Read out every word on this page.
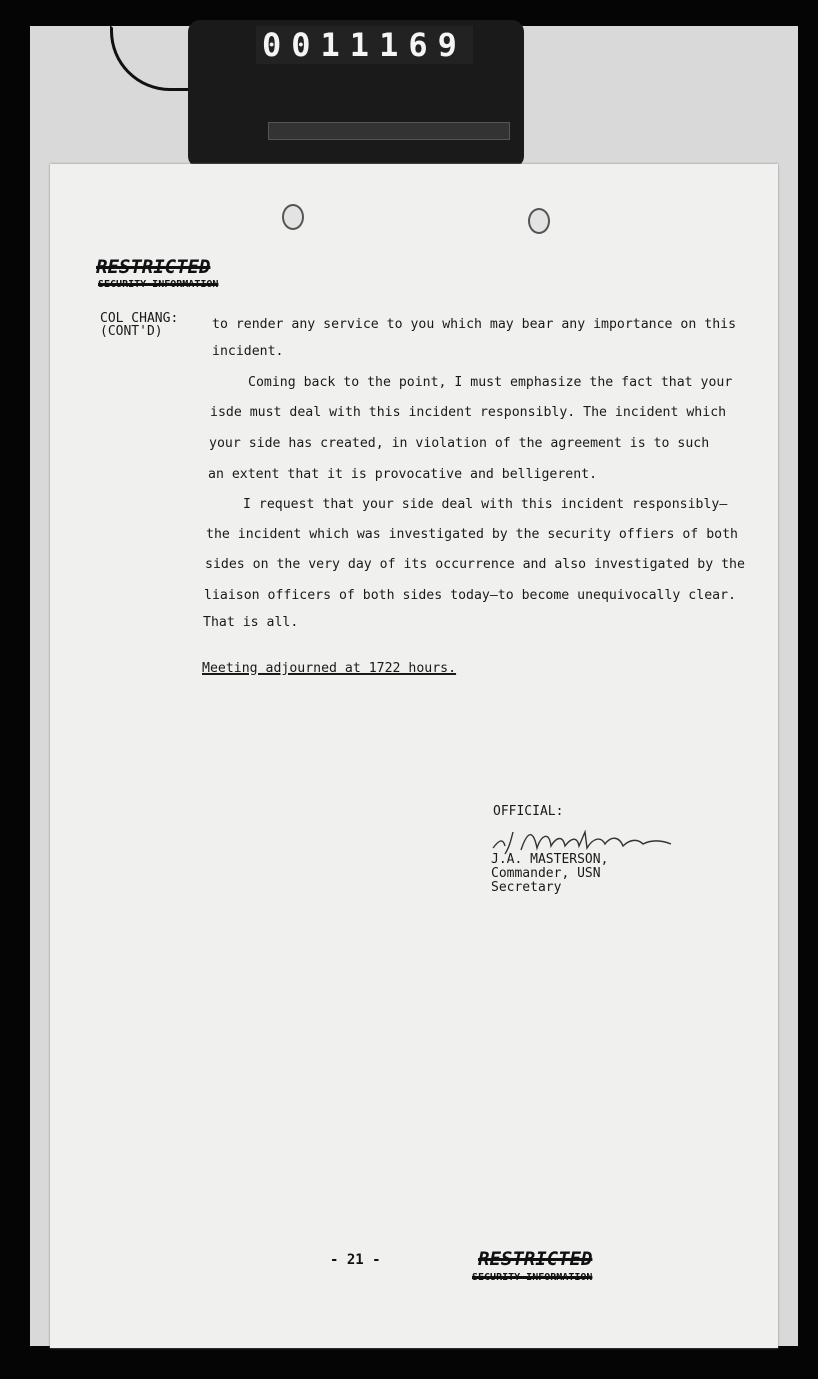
0011169
RESTRICTED
SECURITY INFORMATION
COL CHANG:
(CONT'D)	to render any service to you which may bear any importance on this
incident.
Coming back to the point, I must emphasize the fact that your
isde must deal with this incident responsibly. The incident which
your side has created, in violation of the agreement is to such
an extent that it is provocative and belligerent.
I request that your side deal with this incident responsibly—
the incident which was investigated by the security offiers of both
sides on the very day of its occurrence and also investigated by the
liaison officers of both sides today—to become unequivocally clear.
That is all.
Meeting adjourned at 1722 hours.
- 21 -	RESTRICTED
SECURITY INFORMATION
OFFICIAL:
J.A. MASTERSON,
Commander, USN
Secretary
